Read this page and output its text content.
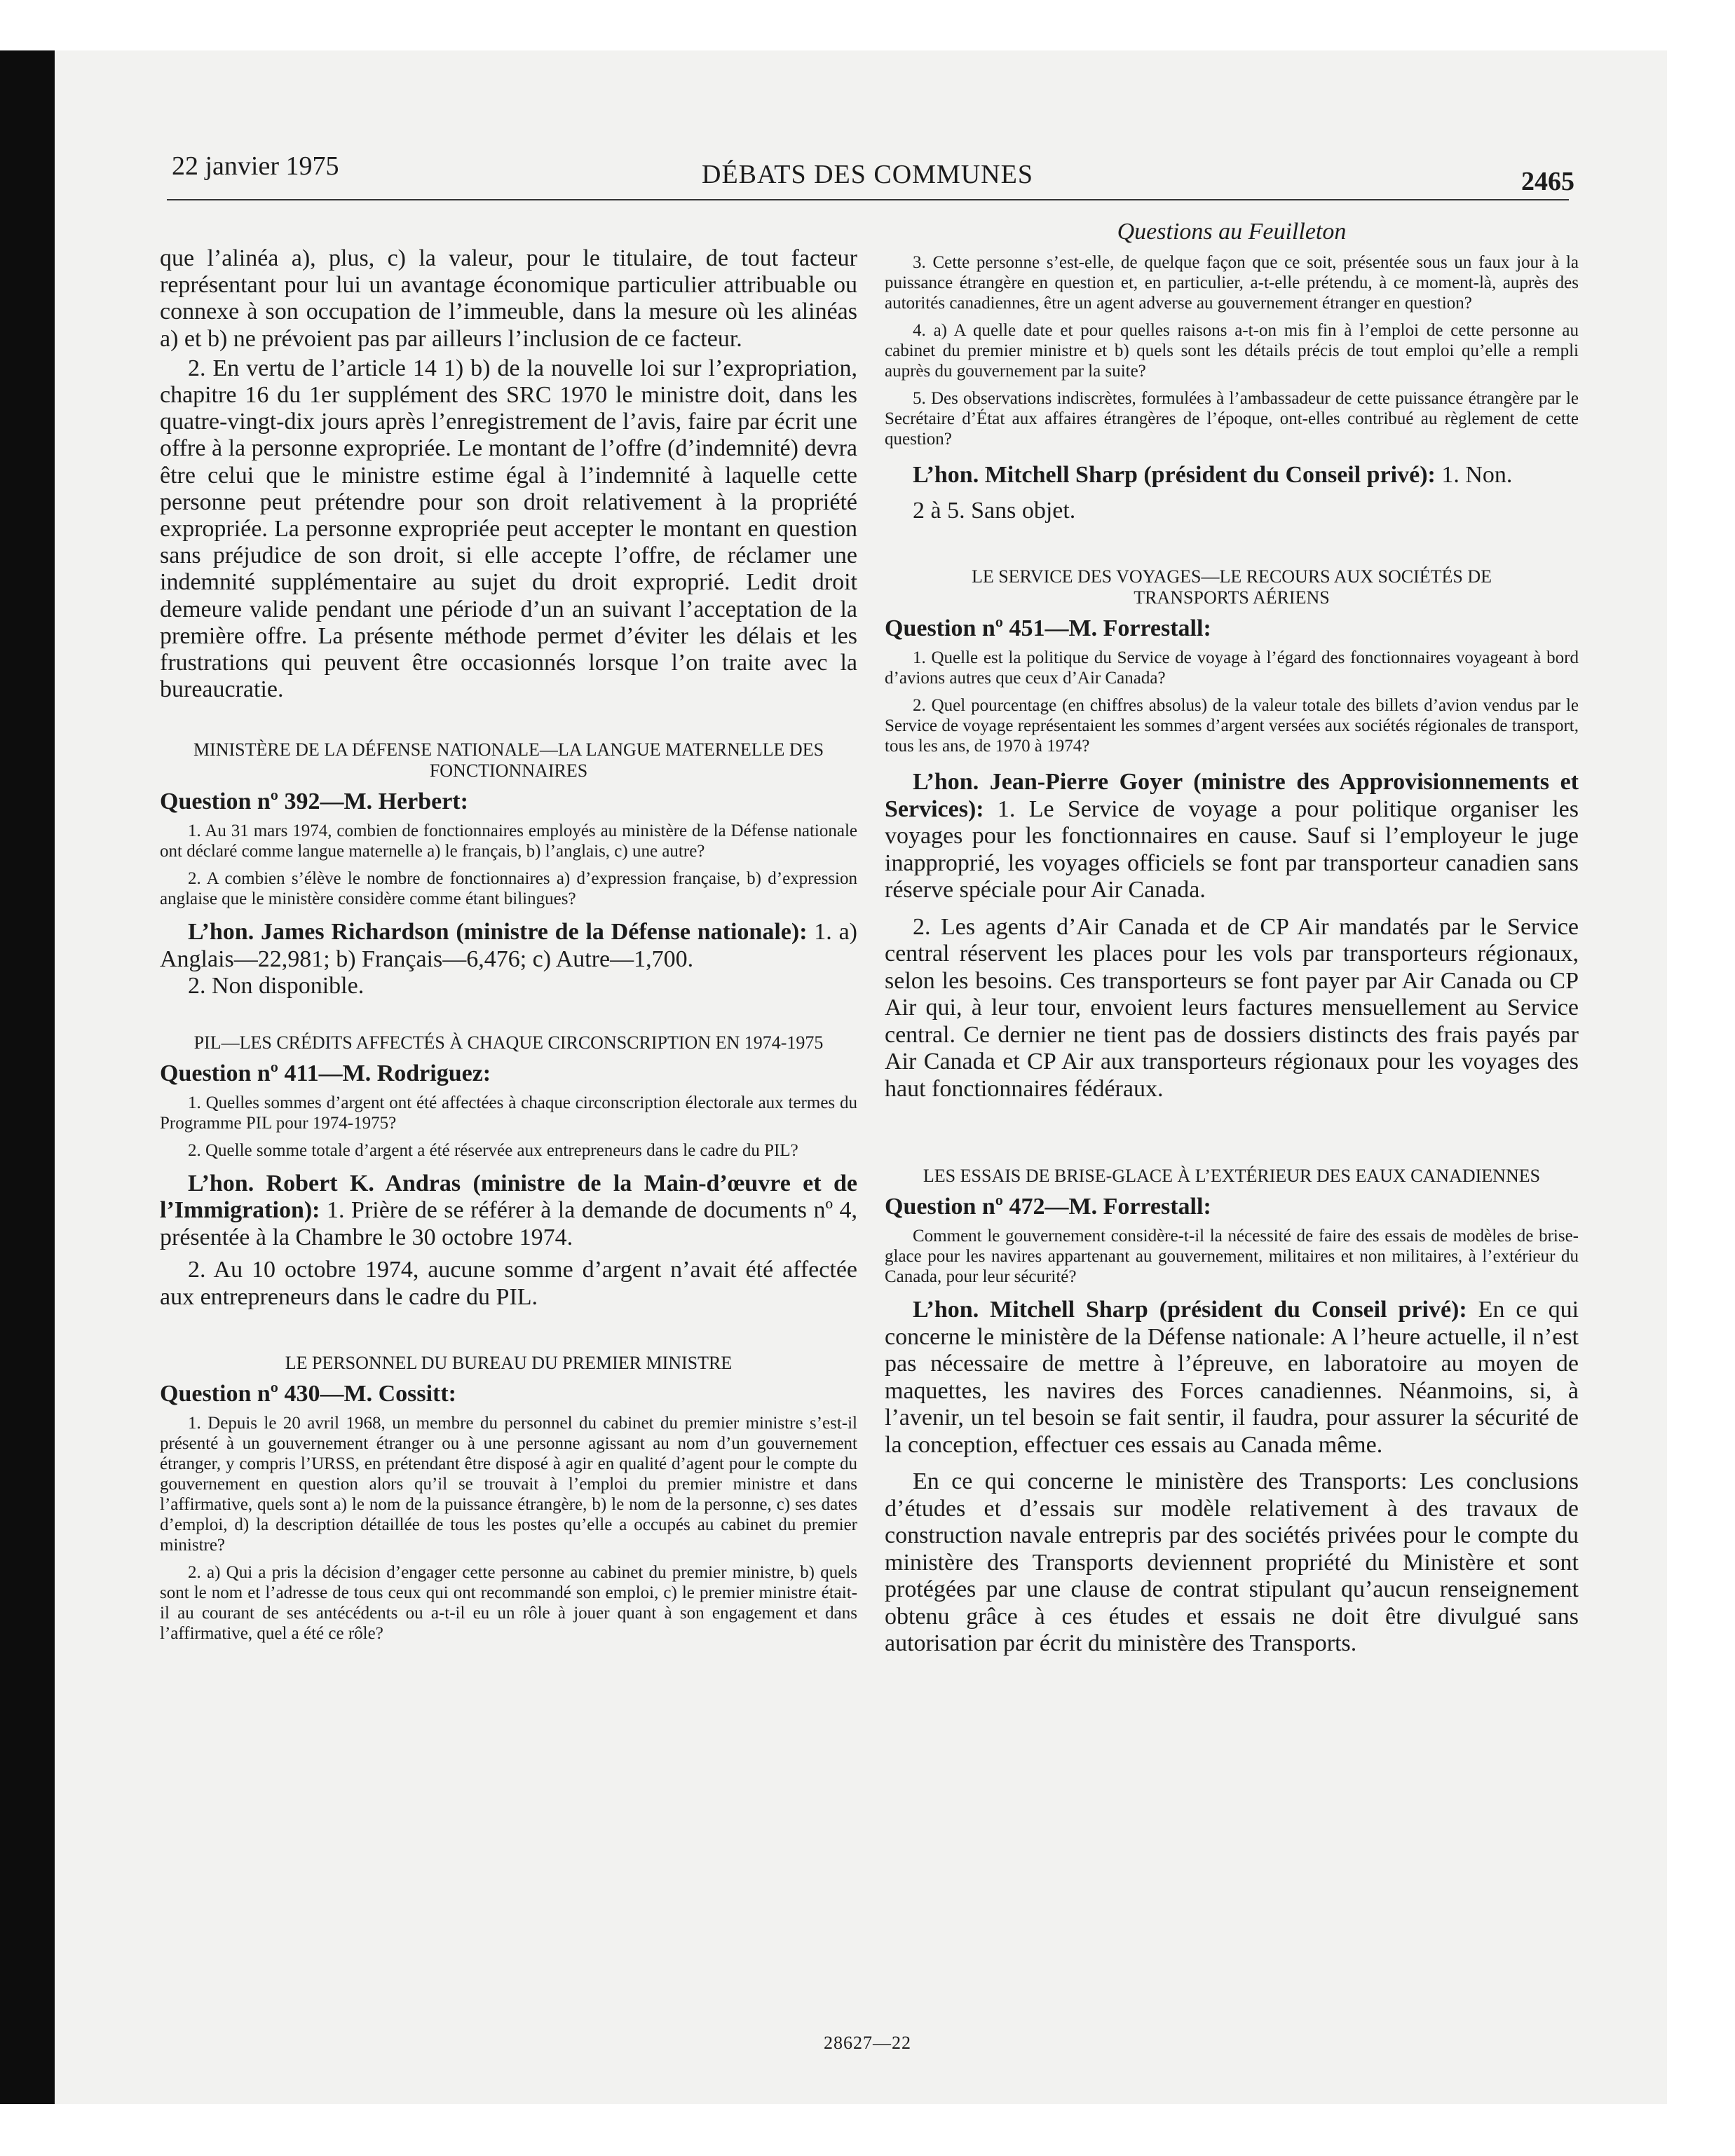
22 janvier 1975	DÉBATS DES COMMUNES	2465

que l’alinéa a), plus, c) la valeur, pour le titulaire, de tout facteur représentant pour lui un avantage économique particulier attribuable ou connexe à son occupation de l’immeuble, dans la mesure où les alinéas a) et b) ne prévoient pas par ailleurs l’inclusion de ce facteur.

2. En vertu de l’article 14 1) b) de la nouvelle loi sur l’expropriation, chapitre 16 du 1er supplément des SRC 1970 le ministre doit, dans les quatre-vingt-dix jours après l’enregistrement de l’avis, faire par écrit une offre à la personne expropriée. Le montant de l’offre (d’indemnité) devra être celui que le ministre estime égal à l’indemnité à laquelle cette personne peut prétendre pour son droit relativement à la propriété expropriée. La personne expropriée peut accepter le montant en question sans préjudice de son droit, si elle accepte l’offre, de réclamer une indemnité supplémentaire au sujet du droit exproprié. Ledit droit demeure valide pendant une période d’un an suivant l’acceptation de la première offre. La présente méthode permet d’éviter les délais et les frustrations qui peuvent être occasionnés lorsque l’on traite avec la bureaucratie.

MINISTÈRE DE LA DÉFENSE NATIONALE—LA LANGUE MATERNELLE DES FONCTIONNAIRES
Question nº 392—M. Herbert:

1. Au 31 mars 1974, combien de fonctionnaires employés au ministère de la Défense nationale ont déclaré comme langue maternelle a) le français, b) l’anglais, c) une autre?

2. A combien s’élève le nombre de fonctionnaires a) d’expression française, b) d’expression anglaise que le ministère considère comme étant bilingues?

L’hon. James Richardson (ministre de la Défense nationale): 1. a) Anglais—22,981; b) Français—6,476; c) Autre—1,700.

2. Non disponible.

PIL—LES CRÉDITS AFFECTÉS À CHAQUE CIRCONSCRIPTION EN 1974-1975
Question nº 411—M. Rodriguez:

1. Quelles sommes d’argent ont été affectées à chaque circonscription électorale aux termes du Programme PIL pour 1974-1975?

2. Quelle somme totale d’argent a été réservée aux entrepreneurs dans le cadre du PIL?

L’hon. Robert K. Andras (ministre de la Main-d’œuvre et de l’Immigration): 1. Prière de se référer à la demande de documents nº 4, présentée à la Chambre le 30 octobre 1974.

2. Au 10 octobre 1974, aucune somme d’argent n’avait été affectée aux entrepreneurs dans le cadre du PIL.

LE PERSONNEL DU BUREAU DU PREMIER MINISTRE
Question nº 430—M. Cossitt:

1. Depuis le 20 avril 1968, un membre du personnel du cabinet du premier ministre s’est-il présenté à un gouvernement étranger ou à une personne agissant au nom d’un gouvernement étranger, y compris l’URSS, en prétendant être disposé à agir en qualité d’agent pour le compte du gouvernement en question alors qu’il se trouvait à l’emploi du premier ministre et dans l’affirmative, quels sont a) le nom de la puissance étrangère, b) le nom de la personne, c) ses dates d’emploi, d) la description détaillée de tous les postes qu’elle a occupés au cabinet du premier ministre?

2. a) Qui a pris la décision d’engager cette personne au cabinet du premier ministre, b) quels sont le nom et l’adresse de tous ceux qui ont recommandé son emploi, c) le premier ministre était-il au courant de ses antécédents ou a-t-il eu un rôle à jouer quant à son engagement et dans l’affirmative, quel a été ce rôle?

Questions au Feuilleton

3. Cette personne s’est-elle, de quelque façon que ce soit, présentée sous un faux jour à la puissance étrangère en question et, en particulier, a-t-elle prétendu, à ce moment-là, auprès des autorités canadiennes, être un agent adverse au gouvernement étranger en question?

4. a) A quelle date et pour quelles raisons a-t-on mis fin à l’emploi de cette personne au cabinet du premier ministre et b) quels sont les détails précis de tout emploi qu’elle a rempli auprès du gouvernement par la suite?

5. Des observations indiscrètes, formulées à l’ambassadeur de cette puissance étrangère par le Secrétaire d’État aux affaires étrangères de l’époque, ont-elles contribué au règlement de cette question?

L’hon. Mitchell Sharp (président du Conseil privé): 1. Non.

2 à 5. Sans objet.

LE SERVICE DES VOYAGES—LE RECOURS AUX SOCIÉTÉS DE TRANSPORTS AÉRIENS
Question nº 451—M. Forrestall:

1. Quelle est la politique du Service de voyage à l’égard des fonctionnaires voyageant à bord d’avions autres que ceux d’Air Canada?

2. Quel pourcentage (en chiffres absolus) de la valeur totale des billets d’avion vendus par le Service de voyage représentaient les sommes d’argent versées aux sociétés régionales de transport, tous les ans, de 1970 à 1974?

L’hon. Jean-Pierre Goyer (ministre des Approvisionnements et Services): 1. Le Service de voyage a pour politique organiser les voyages pour les fonctionnaires en cause. Sauf si l’employeur le juge inapproprié, les voyages officiels se font par transporteur canadien sans réserve spéciale pour Air Canada.

2. Les agents d’Air Canada et de CP Air mandatés par le Service central réservent les places pour les vols par transporteurs régionaux, selon les besoins. Ces transporteurs se font payer par Air Canada ou CP Air qui, à leur tour, envoient leurs factures mensuellement au Service central. Ce dernier ne tient pas de dossiers distincts des frais payés par Air Canada et CP Air aux transporteurs régionaux pour les voyages des haut fonctionnaires fédéraux.

LES ESSAIS DE BRISE-GLACE À L’EXTÉRIEUR DES EAUX CANADIENNES
Question nº 472—M. Forrestall:

Comment le gouvernement considère-t-il la nécessité de faire des essais de modèles de brise-glace pour les navires appartenant au gouvernement, militaires et non militaires, à l’extérieur du Canada, pour leur sécurité?

L’hon. Mitchell Sharp (président du Conseil privé): En ce qui concerne le ministère de la Défense nationale: A l’heure actuelle, il n’est pas nécessaire de mettre à l’épreuve, en laboratoire au moyen de maquettes, les navires des Forces canadiennes. Néanmoins, si, à l’avenir, un tel besoin se fait sentir, il faudra, pour assurer la sécurité de la conception, effectuer ces essais au Canada même.

En ce qui concerne le ministère des Transports: Les conclusions d’études et d’essais sur modèle relativement à des travaux de construction navale entrepris par des sociétés privées pour le compte du ministère des Transports deviennent propriété du Ministère et sont protégées par une clause de contrat stipulant qu’aucun renseignement obtenu grâce à ces études et essais ne doit être divulgué sans autorisation par écrit du ministère des Transports.

28627—22
